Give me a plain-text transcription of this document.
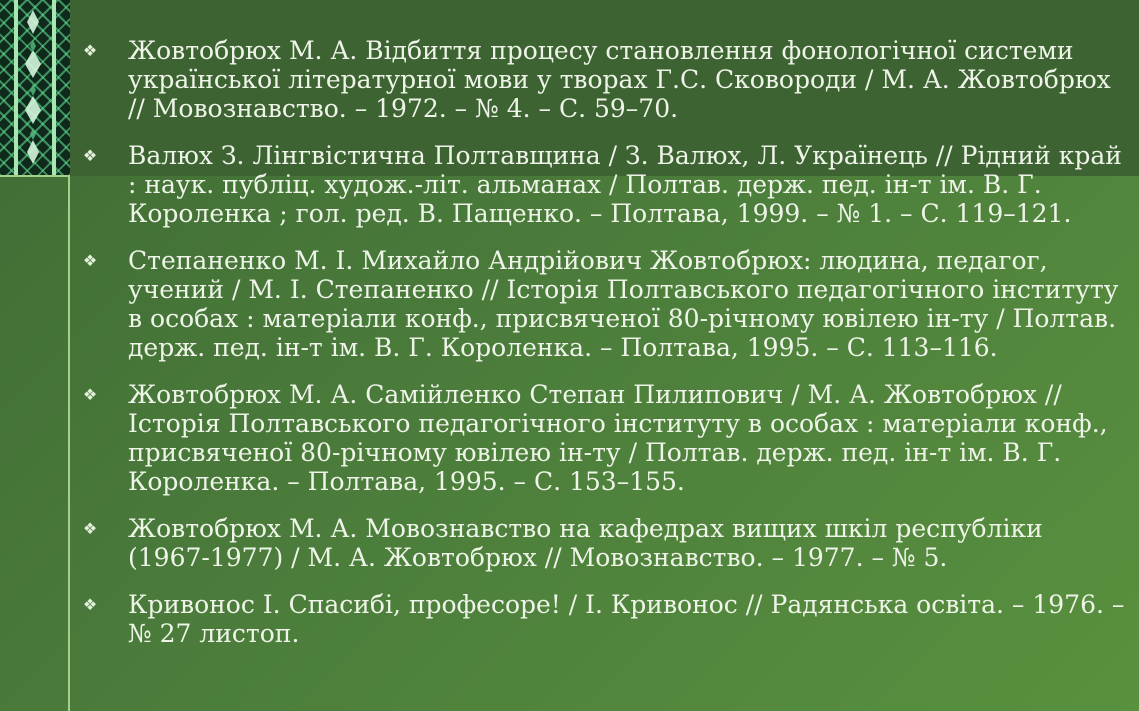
❖ Жовтобрюх М. А. Відбиття процесу становлення фонологічної системи української літературної мови у творах Г.С. Сковороди / М. А. Жовтобрюх // Мовознавство. – 1972. – № 4. – С. 59–70.
❖ Валюх З. Лінгвістична Полтавщина / З. Валюх, Л. Українець // Рідний край : наук. публіц. худож.-літ. альманах / Полтав. держ. пед. ін-т ім. В. Г. Короленка ; гол. ред. В. Пащенко. – Полтава, 1999. – № 1. – С. 119–121.
❖ Степаненко М. І. Михайло Андрійович Жовтобрюх: людина, педагог, учений / М. І. Степаненко // Історія Полтавського педагогічного інституту в особах : матеріали конф., присвяченої 80-річному ювілею ін-ту / Полтав. держ. пед. ін-т ім. В. Г. Короленка. – Полтава, 1995. – С. 113–116.
❖ Жовтобрюх М. А. Самійленко Степан Пилипович / М. А. Жовтобрюх // Історія Полтавського педагогічного інституту в особах : матеріали конф., присвяченої 80-річному ювілею ін-ту / Полтав. держ. пед. ін-т ім. В. Г. Короленка. – Полтава, 1995. – С. 153–155.
❖ Жовтобрюх М. А. Мовознавство на кафедрах вищих шкіл республіки (1967-1977) / М. А. Жовтобрюх // Мовознавство. – 1977. – № 5.
❖ Кривонос І. Спасибі, професоре! / І. Кривонос // Радянська освіта. – 1976. – № 27 листоп.
